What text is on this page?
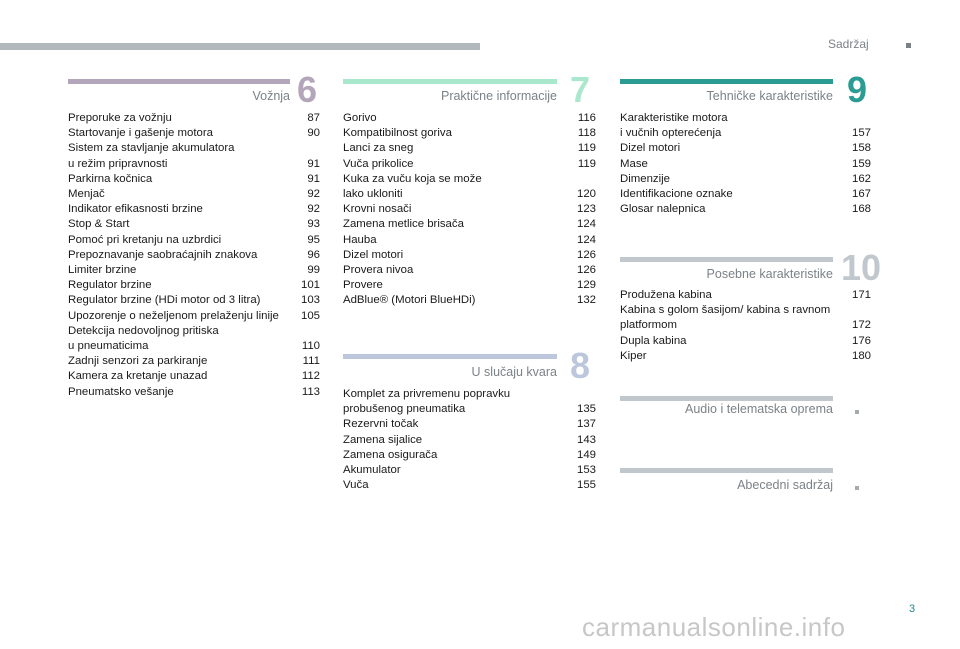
Sadržaj
Vožnja 6
Preporuke za vožnju	87
Startovanje i gašenje motora	90
Sistem za stavljanje akumulatora
u režim pripravnosti	91
Parkirna kočnica	91
Menjač	92
Indikator efikasnosti brzine	92
Stop & Start	93
Pomoć pri kretanju na uzbrdici	95
Prepoznavanje saobraćajnih znakova	96
Limiter brzine	99
Regulator brzine	101
Regulator brzine (HDi motor od 3 litra)	103
Upozorenje o neželjenom prelaženju linije 105
Detekcija nedovoljnog pritiska
u pneumaticima	110
Zadnji senzori za parkiranje	111
Kamera za kretanje unazad	112
Pneumatsko vešanje	113
Praktične informacije 7
Gorivo	116
Kompatibilnost goriva	118
Lanci za sneg	119
Vuča prikolice	119
Kuka za vuču koja se može
lako ukloniti	120
Krovni nosači	123
Zamena metlice brisača	124
Hauba	124
Dizel motori	126
Provera nivoa	126
Provere	129
AdBlue® (Motori BlueHDi)	132
U slučaju kvara 8
Komplet za privremenu popravku
probušenog pneumatika	135
Rezervni točak	137
Zamena sijalice	143
Zamena osigurača	149
Akumulator	153
Vuča	155
Tehničke karakteristike 9
Karakteristike motora
i vučnih opterećenja	157
Dizel motori	158
Mase	159
Dimenzije	162
Identifikacione oznake	167
Glosar nalepnica	168
Posebne karakteristike 10
Produžena kabina	171
Kabina s golom šasijom/ kabina s ravnom
platformom	172
Dupla kabina	176
Kiper	180
Audio i telematska oprema
Abecedni sadržaj
3
carmanualsonline.info
